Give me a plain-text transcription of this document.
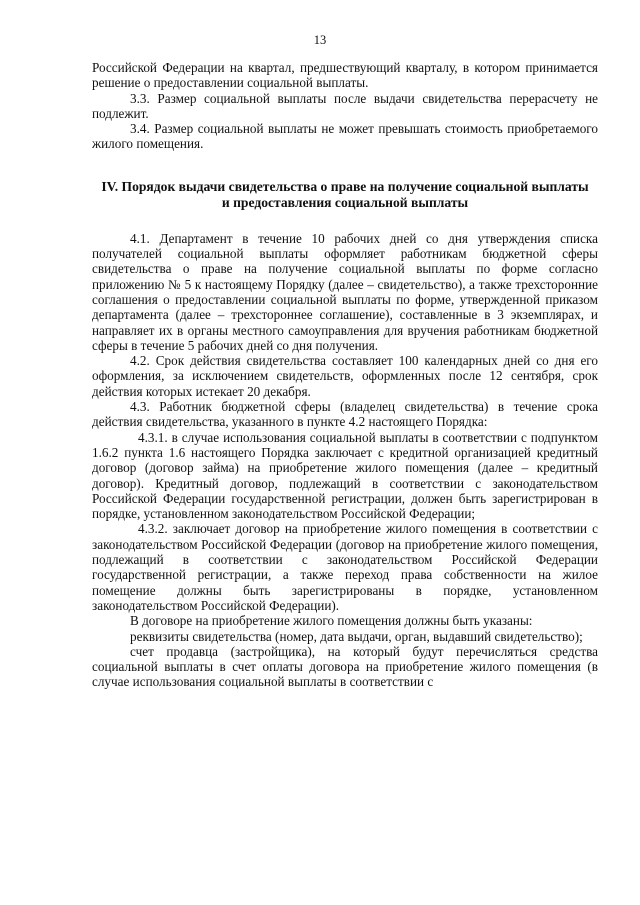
13

Российской Федерации на квартал, предшествующий кварталу, в котором принимается решение о предоставлении социальной выплаты.

3.3. Размер социальной выплаты после выдачи свидетельства перерасчету не подлежит.

3.4. Размер социальной выплаты не может превышать стоимость приобретаемого жилого помещения.

IV. Порядок выдачи свидетельства о праве на получение социальной выплаты и предоставления социальной выплаты

4.1. Департамент в течение 10 рабочих дней со дня утверждения списка получателей социальной выплаты оформляет работникам бюджетной сферы свидетельства о праве на получение социальной выплаты по форме согласно приложению № 5 к настоящему Порядку (далее – свидетельство), а также трехсторонние соглашения о предоставлении социальной выплаты по форме, утвержденной приказом департамента (далее – трехстороннее соглашение), составленные в 3 экземплярах, и направляет их в органы местного самоуправления для вручения работникам бюджетной сферы в течение 5 рабочих дней со дня получения.

4.2. Срок действия свидетельства составляет 100 календарных дней со дня его оформления, за исключением свидетельств, оформленных после 12 сентября, срок действия которых истекает 20 декабря.

4.3. Работник бюджетной сферы (владелец свидетельства) в течение срока действия свидетельства, указанного в пункте 4.2 настоящего Порядка:

4.3.1. в случае использования социальной выплаты в соответствии с подпунктом 1.6.2 пункта 1.6 настоящего Порядка заключает с кредитной организацией кредитный договор (договор займа) на приобретение жилого помещения (далее – кредитный договор). Кредитный договор, подлежащий в соответствии с законодательством Российской Федерации государственной регистрации, должен быть зарегистрирован в порядке, установленном законодательством Российской Федерации;

4.3.2. заключает договор на приобретение жилого помещения в соответствии с законодательством Российской Федерации (договор на приобретение жилого помещения, подлежащий в соответствии с законодательством Российской Федерации государственной регистрации, а также переход права собственности на жилое помещение должны быть зарегистрированы в порядке, установленном законодательством Российской Федерации).

В договоре на приобретение жилого помещения должны быть указаны:

реквизиты свидетельства (номер, дата выдачи, орган, выдавший свидетельство);

счет продавца (застройщика), на который будут перечисляться средства социальной выплаты в счет оплаты договора на приобретение жилого помещения (в случае использования социальной выплаты в соответствии с
